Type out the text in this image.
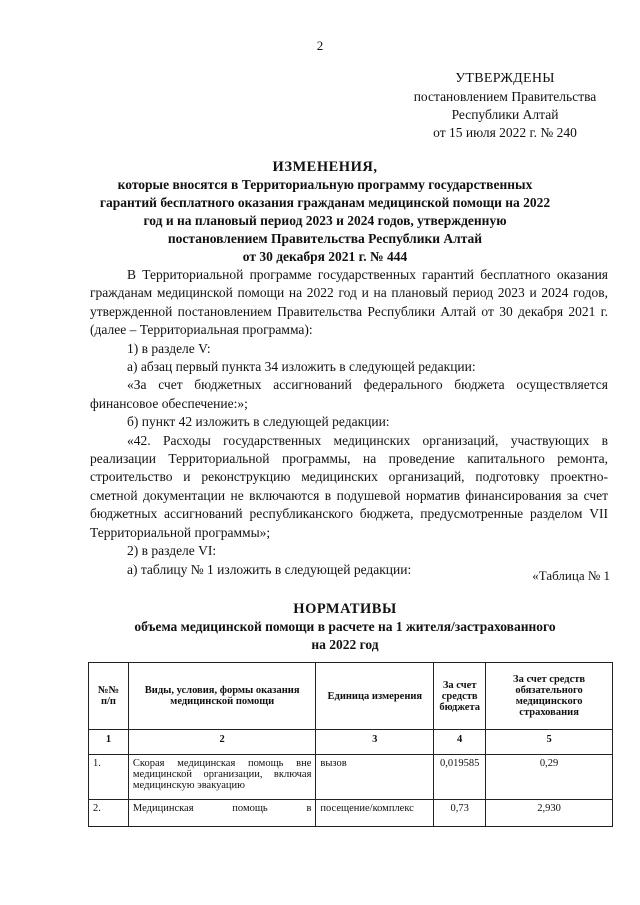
2
УТВЕРЖДЕНЫ
постановлением Правительства
Республики Алтай
от 15 июля 2022 г. № 240
ИЗМЕНЕНИЯ,
которые вносятся в Территориальную программу государственных
гарантий бесплатного оказания гражданам медицинской помощи на 2022
год и на плановый период 2023 и 2024 годов, утвержденную
постановлением Правительства Республики Алтай
от 30 декабря 2021 г. № 444

В Территориальной программе государственных гарантий бесплатного оказания гражданам медицинской помощи на 2022 год и на плановый период 2023 и 2024 годов, утвержденной постановлением Правительства Республики Алтай от 30 декабря 2021 г. (далее – Территориальная программа):

1) в разделе V:

а) абзац первый пункта 34 изложить в следующей редакции:

«За счет бюджетных ассигнований федерального бюджета осуществляется финансовое обеспечение:»;

б) пункт 42 изложить в следующей редакции:

«42. Расходы государственных медицинских организаций, участвующих в реализации Территориальной программы, на проведение капитального ремонта, строительство и реконструкцию медицинских организаций, подготовку проектно-сметной документации не включаются в подушевой норматив финансирования за счет бюджетных ассигнований республиканского бюджета, предусмотренные разделом VII Территориальной программы»;

2) в разделе VI:

а) таблицу № 1 изложить в следующей редакции:	«Таблица № 1
НОРМАТИВЫ
объема медицинской помощи в расчете на 1 жителя/застрахованного
на 2022 год
№№ п/п	Виды, условия, формы оказания медицинской помощи	Единица измерения	За счет средств бюджета	За счет средств обязательного медицинского страхования
1	2	3	4	5
1.	Скорая медицинская помощь вне медицинской организации, включая медицинскую эвакуацию	вызов	0,019585	0,29
2.	Медицинская помощь в	посещение/комплекс	0,73	2,930
